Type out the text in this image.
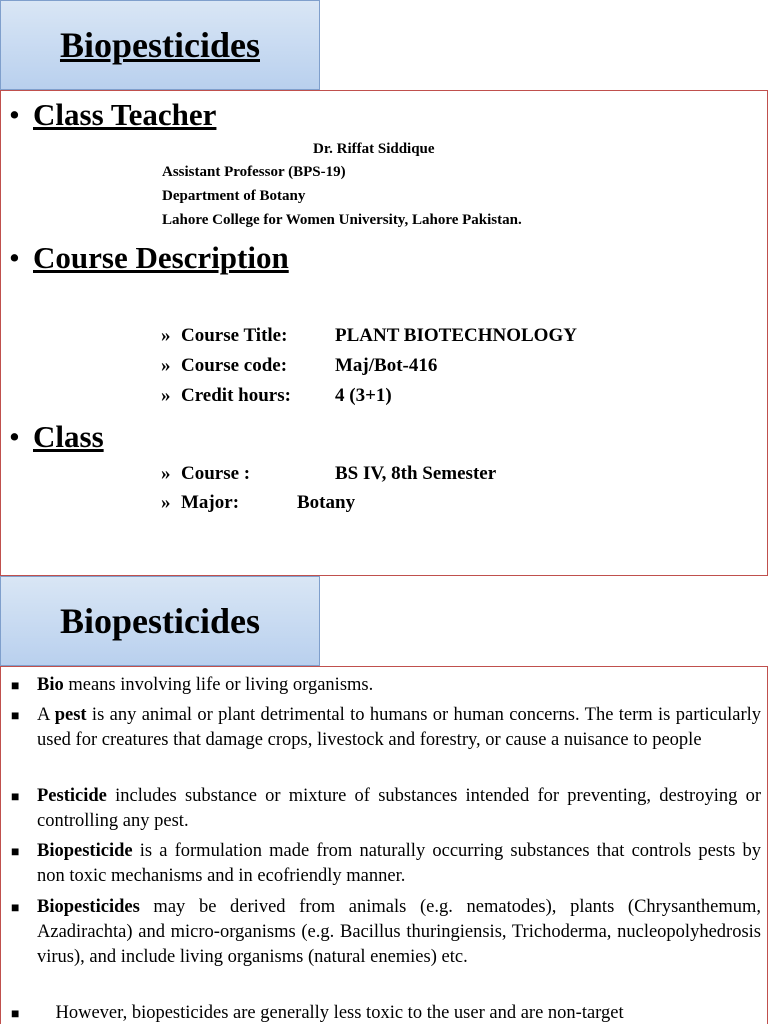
Biopesticides
• Class Teacher
Dr. Riffat Siddique
Assistant Professor (BPS-19)
Department of Botany
Lahore College for Women University, Lahore Pakistan.
• Course Description
» Course Title:	PLANT BIOTECHNOLOGY
» Course code:	Maj/Bot-416
» Credit hours: 4 (3+1)
• Class
» Course :	BS IV, 8th Semester
» Major:	Botany
Biopesticides
■ Bio means involving life or living organisms.
■ A pest is any animal or plant detrimental to humans or human concerns. The term is particularly used for creatures that damage crops, livestock and forestry, or cause a nuisance to people
■ Pesticide includes substance or mixture of substances intended for preventing, destroying or controlling any pest.
■ Biopesticide is a formulation made from naturally occurring substances that controls pests by non toxic mechanisms and in ecofriendly manner.
■ Biopesticides may be derived from animals (e.g. nematodes), plants (Chrysanthemum, Azadirachta) and micro-organisms (e.g. Bacillus thuringiensis, Trichoderma, nucleopolyhedrosis virus), and include living organisms (natural enemies) etc.
■ However, biopesticides are generally less toxic to the user and are non-target
